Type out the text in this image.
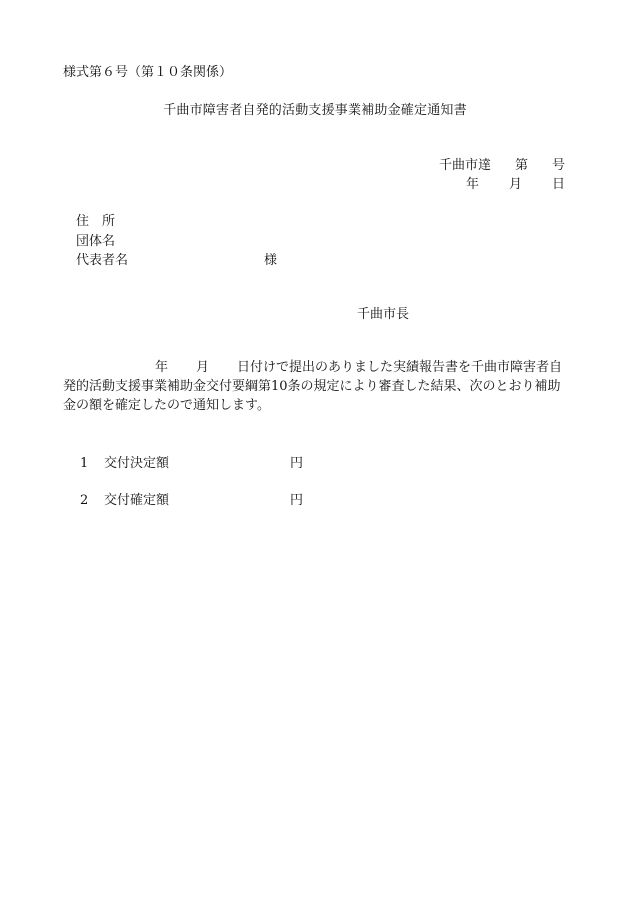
様式第６号（第１０条関係）
千曲市障害者自発的活動支援事業補助金確定通知書
千曲市達 第 号
年 月 日
住　所
団体名
代表者名	様
千曲市長
年 月 日付けで提出のありました実績報告書を千曲市障害者自発的活動支援事業補助金交付要綱第10条の規定により審査した結果、次のとおり補助金の額を確定したので通知します。
1 交付決定額	円
2 交付確定額	円
